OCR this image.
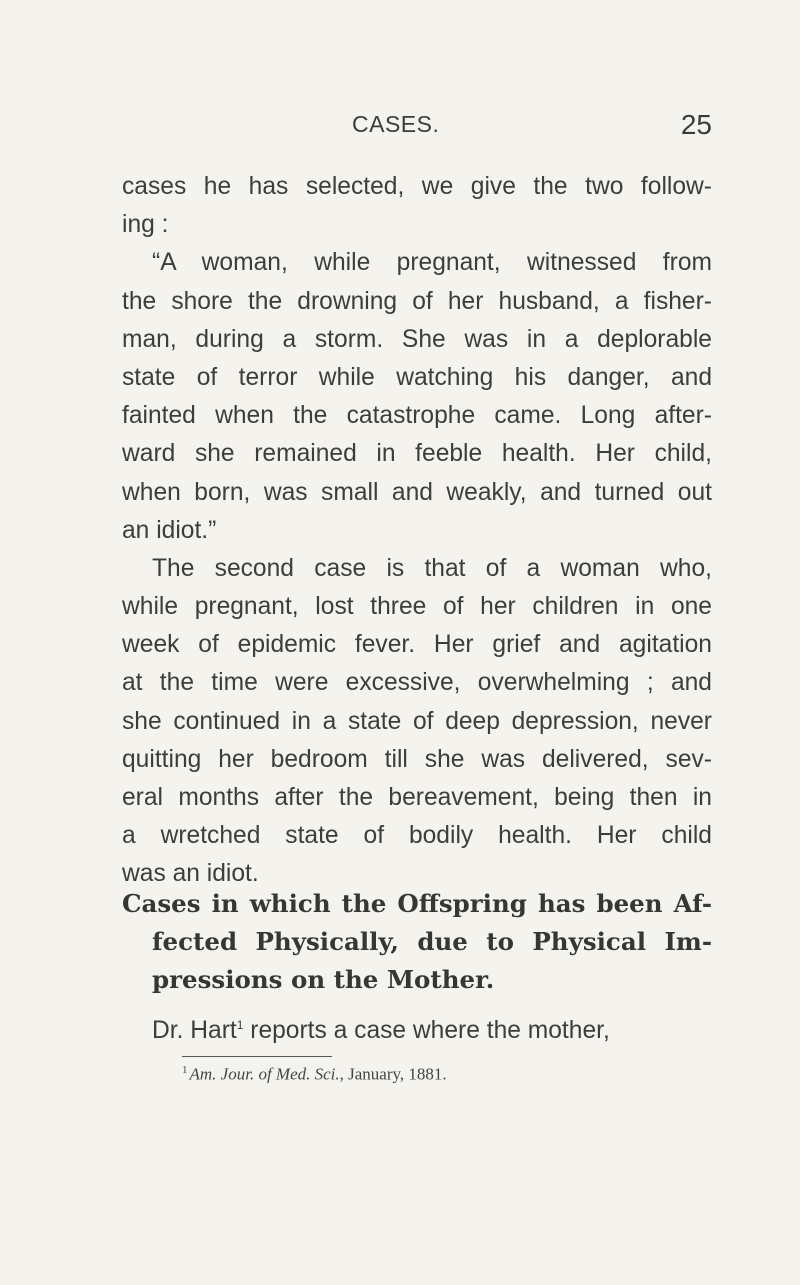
CASES.	25
cases he has selected, we give the two follow-
ing :
“A woman, while pregnant, witnessed from
the shore the drowning of her husband, a fisher-
man, during a storm. She was in a deplorable
state of terror while watching his danger, and
fainted when the catastrophe came. Long after-
ward she remained in feeble health. Her child,
when born, was small and weakly, and turned out
an idiot.”
The second case is that of a woman who,
while pregnant, lost three of her children in one
week of epidemic fever. Her grief and agitation
at the time were excessive, overwhelming ; and
she continued in a state of deep depression, never
quitting her bedroom till she was delivered, sev-
eral months after the bereavement, being then in
a wretched state of bodily health. Her child
was an idiot.
Cases in which the Offspring has been Af-
fected Physically, due to Physical Im-
pressions on the Mother.
Dr. Hart$^1$ reports a case where the mother,
$^1$ Am. Jour. of Med. Sci., January, 1881.
